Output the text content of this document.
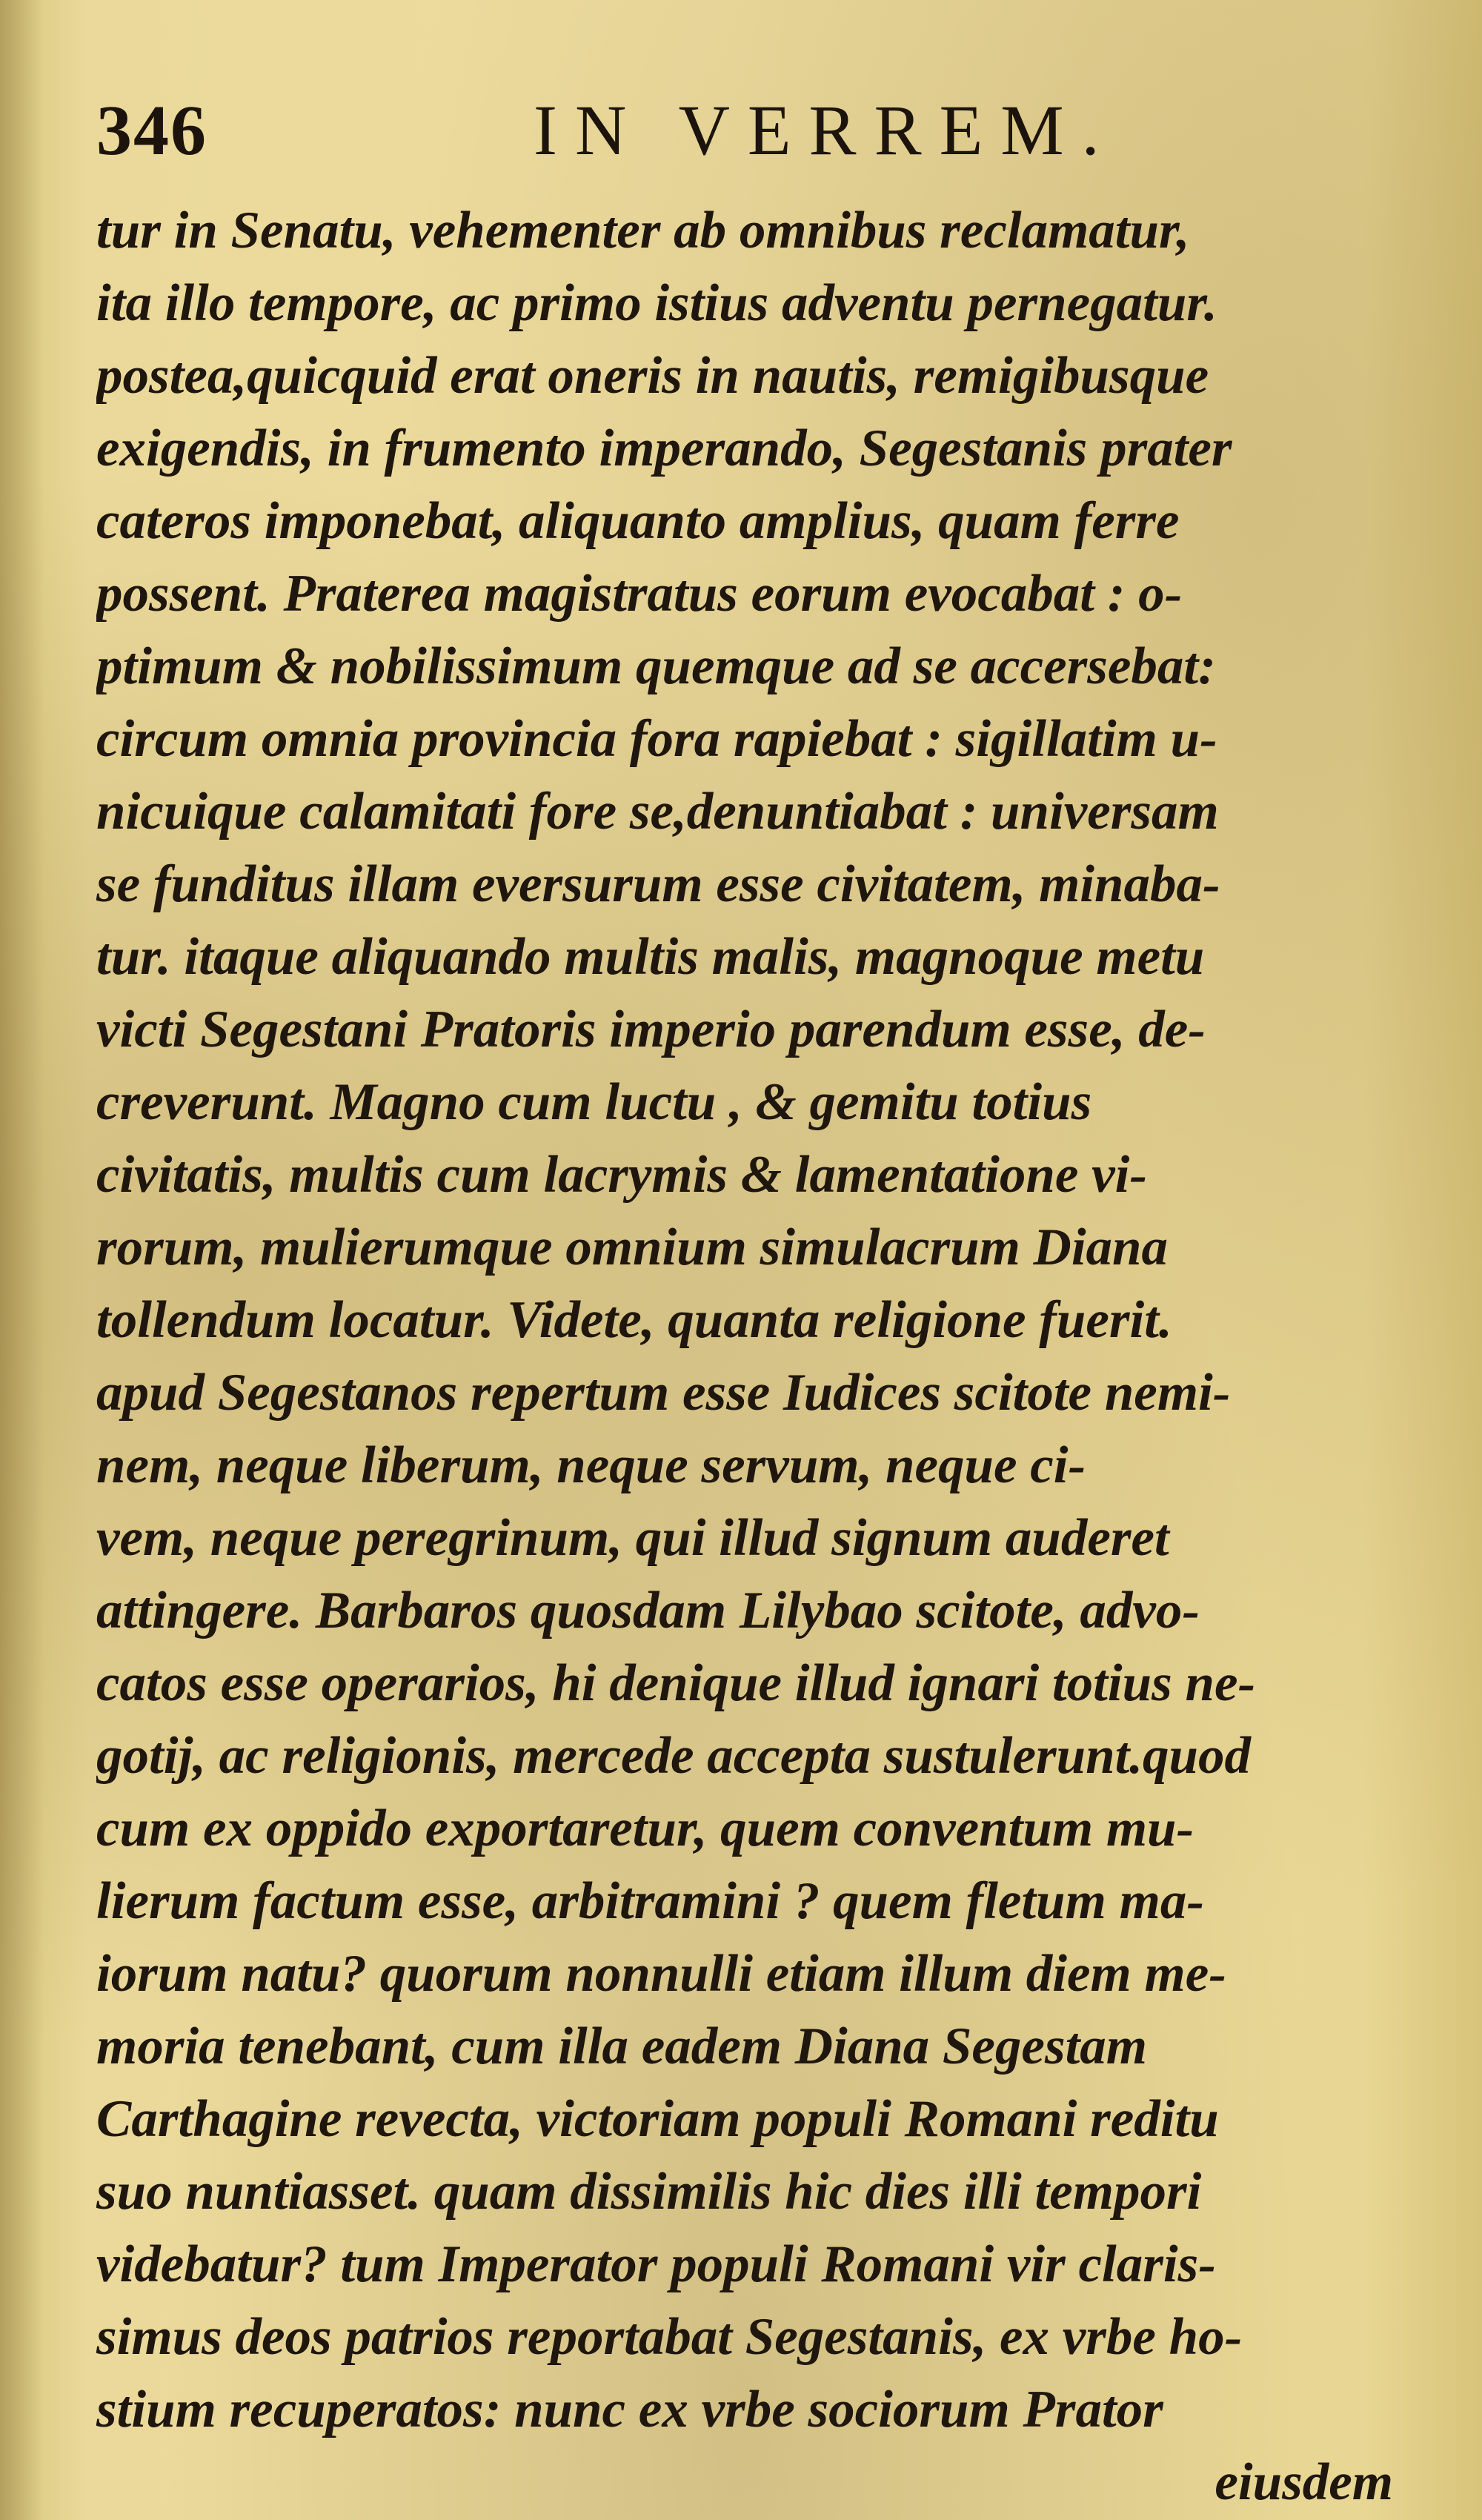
346	IN VERREM.
tur in Senatu, vehementer ab omnibus reclamatur,
ita illo tempore, ac primo istius adventu pernegatur.
postea,quicquid erat oneris in nautis, remigibusque
exigendis, in frumento imperando, Segestanis prater
cateros imponebat, aliquanto amplius, quam ferre
possent. Praterea magistratus eorum evocabat : o-
ptimum & nobilissimum quemque ad se accersebat:
circum omnia provincia fora rapiebat : sigillatim u-
nicuique calamitati fore se,denuntiabat : universam
se funditus illam eversurum esse civitatem, minaba-
tur. itaque aliquando multis malis, magnoque metu
victi Segestani Pratoris imperio parendum esse, de-
creverunt. Magno cum luctu , & gemitu totius
civitatis, multis cum lacrymis & lamentatione vi-
rorum, mulierumque omnium simulacrum Diana
tollendum locatur. Videte, quanta religione fuerit.
apud Segestanos repertum esse Iudices scitote nemi-
nem, neque liberum, neque servum, neque ci-
vem, neque peregrinum, qui illud signum auderet
attingere. Barbaros quosdam Lilybao scitote, advo-
catos esse operarios, hi denique illud ignari totius ne-
gotij, ac religionis, mercede accepta sustulerunt.quod
cum ex oppido exportaretur, quem conventum mu-
lierum factum esse, arbitramini ? quem fletum ma-
iorum natu? quorum nonnulli etiam illum diem me-
moria tenebant, cum illa eadem Diana Segestam
Carthagine revecta, victoriam populi Romani reditu
suo nuntiasset. quam dissimilis hic dies illi tempori
videbatur? tum Imperator populi Romani vir claris-
simus deos patrios reportabat Segestanis, ex vrbe ho-
stium recuperatos: nunc ex vrbe sociorum Prator
eiusdem
